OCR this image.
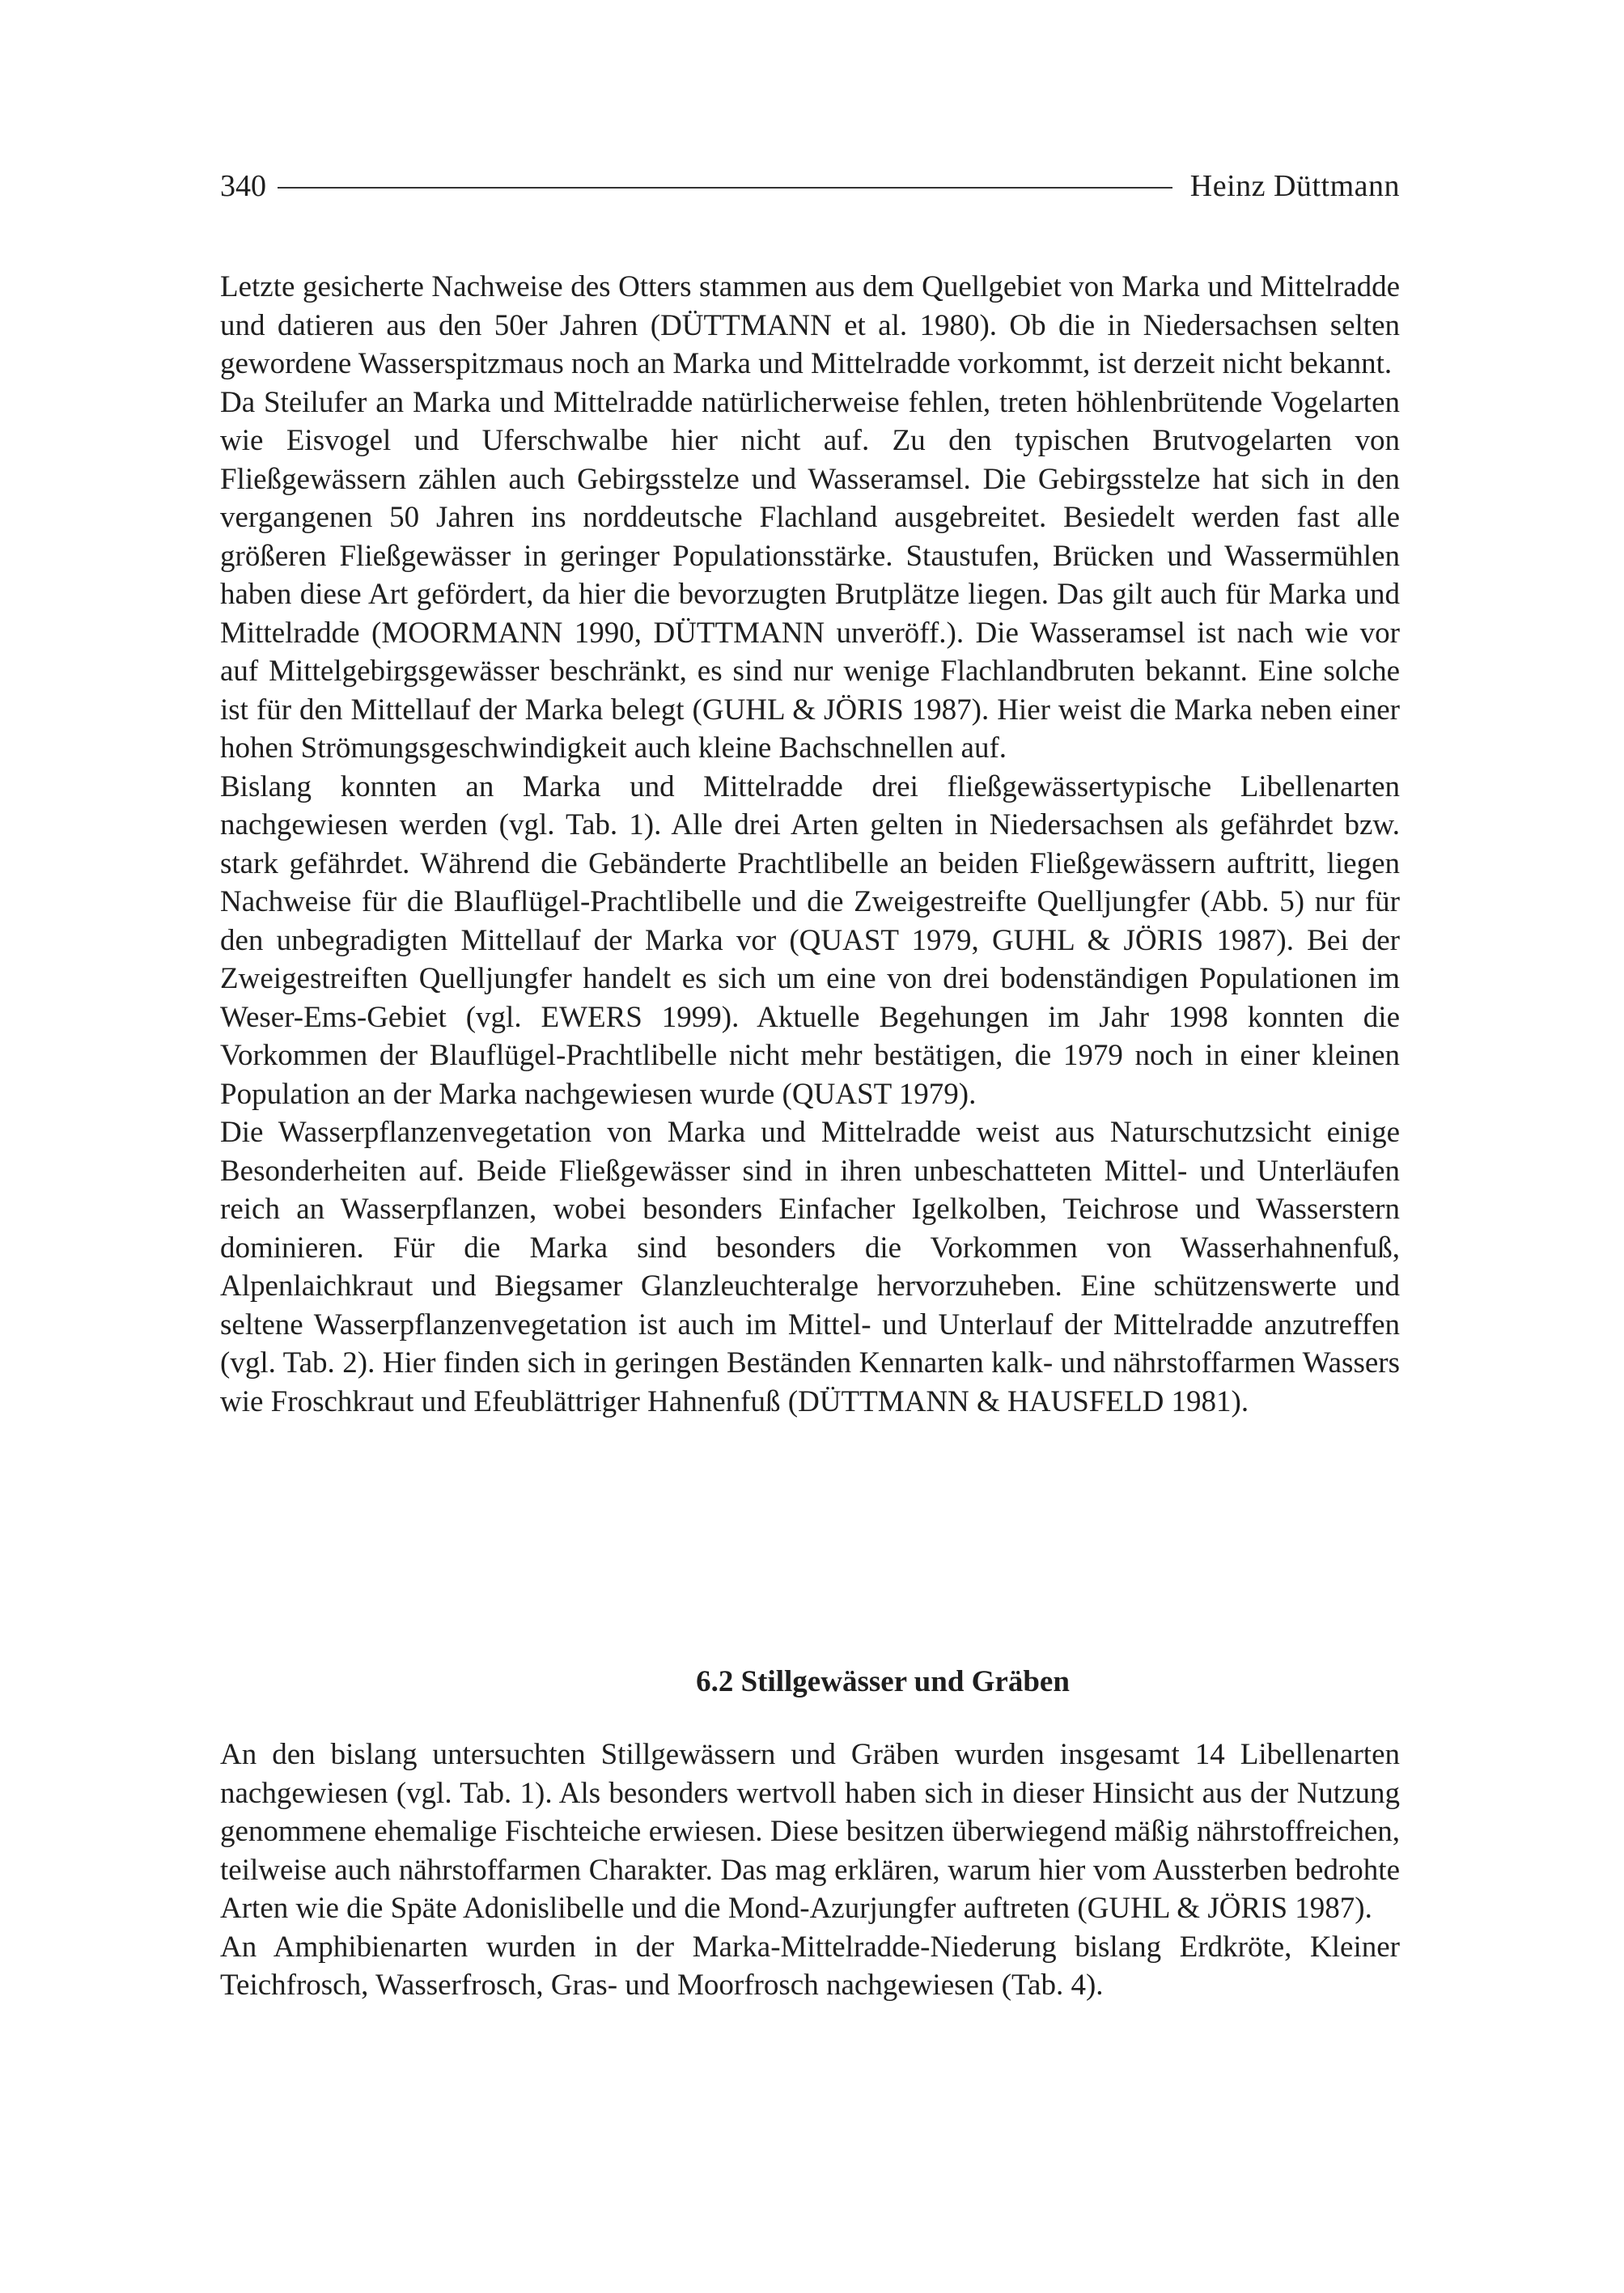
340	Heinz Düttmann

Letzte gesicherte Nachweise des Otters stammen aus dem Quellgebiet von Marka und Mittelradde und datieren aus den 50er Jahren (DÜTTMANN et al. 1980). Ob die in Niedersachsen selten gewordene Wasserspitzmaus noch an Marka und Mittelradde vorkommt, ist derzeit nicht bekannt.

Da Steilufer an Marka und Mittelradde natürlicherweise fehlen, treten höhlenbrütende Vogelarten wie Eisvogel und Uferschwalbe hier nicht auf. Zu den typischen Brutvogelarten von Fließgewässern zählen auch Gebirgsstelze und Wasseramsel. Die Gebirgsstelze hat sich in den vergangenen 50 Jahren ins norddeutsche Flachland ausgebreitet. Besiedelt werden fast alle größeren Fließgewässer in geringer Populationsstärke. Staustufen, Brücken und Wassermühlen haben diese Art gefördert, da hier die bevorzugten Brutplätze liegen. Das gilt auch für Marka und Mittelradde (MOORMANN 1990, DÜTTMANN unveröff.). Die Wasseramsel ist nach wie vor auf Mittelgebirgsgewässer beschränkt, es sind nur wenige Flachlandbruten bekannt. Eine solche ist für den Mittellauf der Marka belegt (GUHL & JÖRIS 1987). Hier weist die Marka neben einer hohen Strömungsgeschwindigkeit auch kleine Bachschnellen auf.

Bislang konnten an Marka und Mittelradde drei fließgewässertypische Libellenarten nachgewiesen werden (vgl. Tab. 1). Alle drei Arten gelten in Niedersachsen als gefährdet bzw. stark gefährdet. Während die Gebänderte Prachtlibelle an beiden Fließgewässern auftritt, liegen Nachweise für die Blauflügel-Prachtlibelle und die Zweigestreifte Quelljungfer (Abb. 5) nur für den unbegradigten Mittellauf der Marka vor (QUAST 1979, GUHL & JÖRIS 1987). Bei der Zweigestreiften Quelljungfer handelt es sich um eine von drei bodenständigen Populationen im Weser-Ems-Gebiet (vgl. EWERS 1999). Aktuelle Begehungen im Jahr 1998 konnten die Vorkommen der Blauflügel-Prachtlibelle nicht mehr bestätigen, die 1979 noch in einer kleinen Population an der Marka nachgewiesen wurde (QUAST 1979).

Die Wasserpflanzenvegetation von Marka und Mittelradde weist aus Naturschutzsicht einige Besonderheiten auf. Beide Fließgewässer sind in ihren unbeschatteten Mittel- und Unterläufen reich an Wasserpflanzen, wobei besonders Einfacher Igelkolben, Teichrose und Wasserstern dominieren. Für die Marka sind besonders die Vorkommen von Wasserhahnenfuß, Alpenlaichkraut und Biegsamer Glanzleuchteralge hervorzuheben. Eine schützenswerte und seltene Wasserpflanzenvegetation ist auch im Mittel- und Unterlauf der Mittelradde anzutreffen (vgl. Tab. 2). Hier finden sich in geringen Beständen Kennarten kalk- und nährstoffarmen Wassers wie Froschkraut und Efeublättriger Hahnenfuß (DÜTTMANN & HAUSFELD 1981).

6.2 Stillgewässer und Gräben

An den bislang untersuchten Stillgewässern und Gräben wurden insgesamt 14 Libellenarten nachgewiesen (vgl. Tab. 1). Als besonders wertvoll haben sich in dieser Hinsicht aus der Nutzung genommene ehemalige Fischteiche erwiesen. Diese besitzen überwiegend mäßig nährstoffreichen, teilweise auch nährstoffarmen Charakter. Das mag erklären, warum hier vom Aussterben bedrohte Arten wie die Späte Adonislibelle und die Mond-Azurjungfer auftreten (GUHL & JÖRIS 1987).

An Amphibienarten wurden in der Marka-Mittelradde-Niederung bislang Erdkröte, Kleiner Teichfrosch, Wasserfrosch, Gras- und Moorfrosch nachgewiesen (Tab. 4).
